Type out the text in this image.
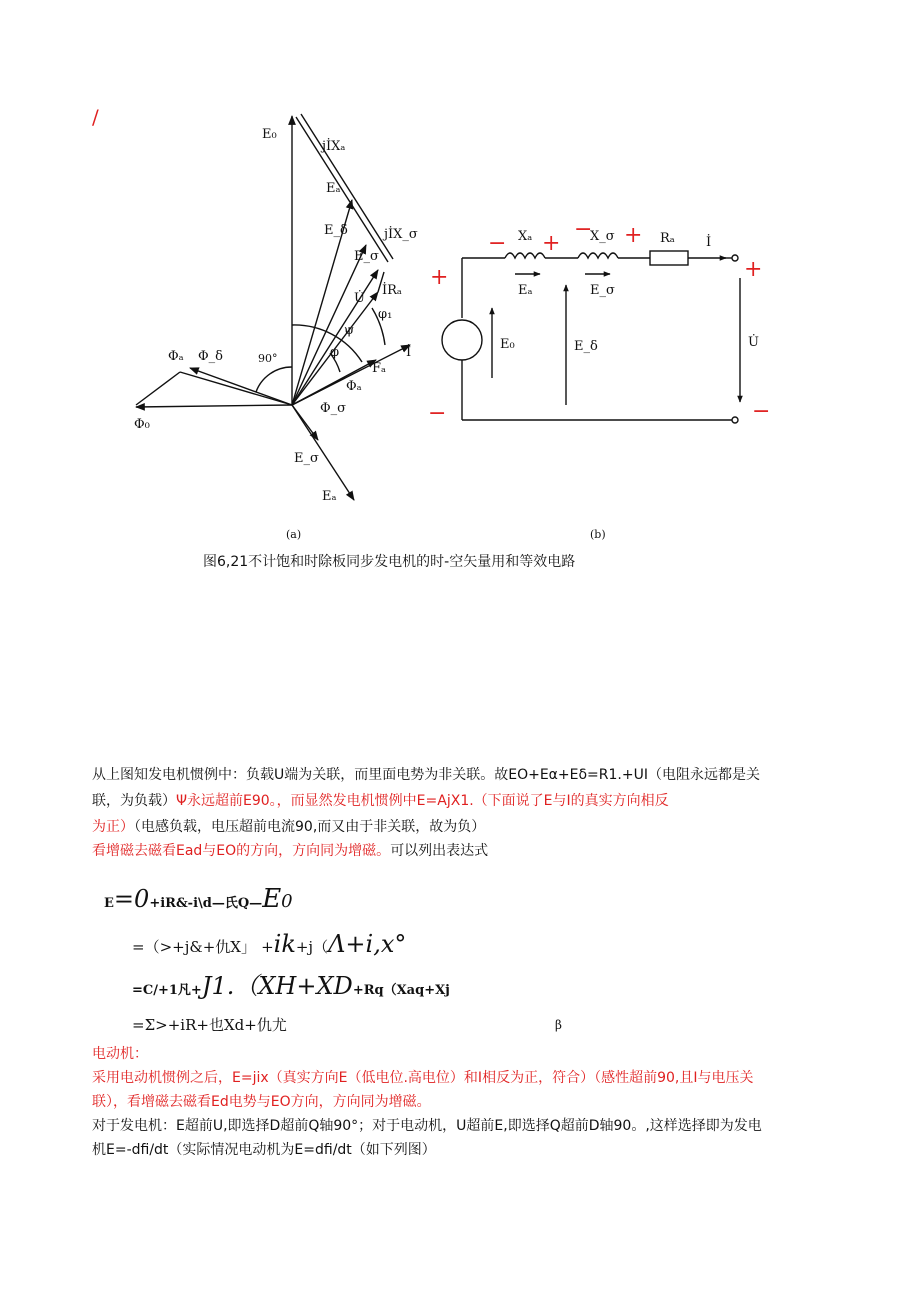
/
E₀
jİXₐ
Eₐ
E_δ	jİX_σ
E_σ
İRₐ
U̇
φ₁
ψ
φ	İ
Fₐ
Φₐ
Φ_σ
Φₐ Φ_δ
Φ₀
E_σ
Eₐ
90°
(a)
Xₐ	X_σ	Rₐ İ
Eₐ	E_σ
E₀	E_δ	U̇
(b)
− +
− +
+	+
−	−
图6,21不计饱和时除板同步发电机的时-空矢量用和等效电路
从上图知发电机惯例中：负载U端为关联，而里面电势为非关联。故EO+Eα+Eδ=R1.+UI（电阻永远都是关
联，为负载）Ψ永远超前E90。，而显然发电机惯例中E=AjX1.（下面说了E与I的真实方向相反
为正）（电感负载，电压超前电流90,而又由于非关联，故为负）
看增磁去磁看Ead与EO的方向，方向同为增磁。可以列出表达式
E=0+iR&-i\d—氏Q—E0
=（>+j&+仇X」 +ik+j（Λ+i,x°
=C/+1凡+J1.（XH+XD+Rq（Xaq+Xj
=Σ>+iR+也Xd+仇尤	β
电动机：
采用电动机惯例之后，E=jix（真实方向E（低电位.高电位）和I相反为正，符合）（感性超前90,且I与电压关
联），看增磁去磁看Ed电势与EO方向，方向同为增磁。
对于发电机：E超前U,即选择D超前Q轴90°；对于电动机，U超前E,即选择Q超前D轴90。,这样选择即为发电
机E=-dfi/dt（实际情况电动机为E=dfi/dt（如下列图）
